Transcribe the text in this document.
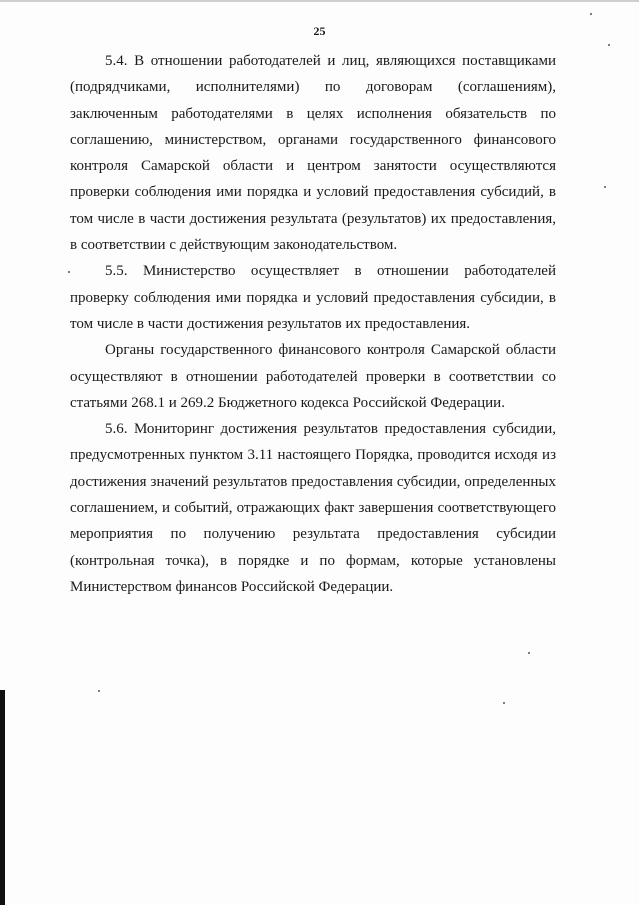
25

5.4. В отношении работодателей и лиц, являющихся поставщиками (подрядчиками, исполнителями) по договорам (соглашениям), заключенным работодателями в целях исполнения обязательств по соглашению, министерством, органами государственного финансового контроля Самарской области и центром занятости осуществляются проверки соблюдения ими порядка и условий предоставления субсидий, в том числе в части достижения результата (результатов) их предоставления, в соответствии с действующим законодательством.

5.5. Министерство осуществляет в отношении работодателей проверку соблюдения ими порядка и условий предоставления субсидии, в том числе в части достижения результатов их предоставления.

Органы государственного финансового контроля Самарской области осуществляют в отношении работодателей проверки в соответствии со статьями 268.1 и 269.2 Бюджетного кодекса Российской Федерации.

5.6. Мониторинг достижения результатов предоставления субсидии, предусмотренных пунктом 3.11 настоящего Порядка, проводится исходя из достижения значений результатов предоставления субсидии, определенных соглашением, и событий, отражающих факт завершения соответствующего мероприятия по получению результата предоставления субсидии (контрольная точка), в порядке и по формам, которые установлены Министерством финансов Российской Федерации.
